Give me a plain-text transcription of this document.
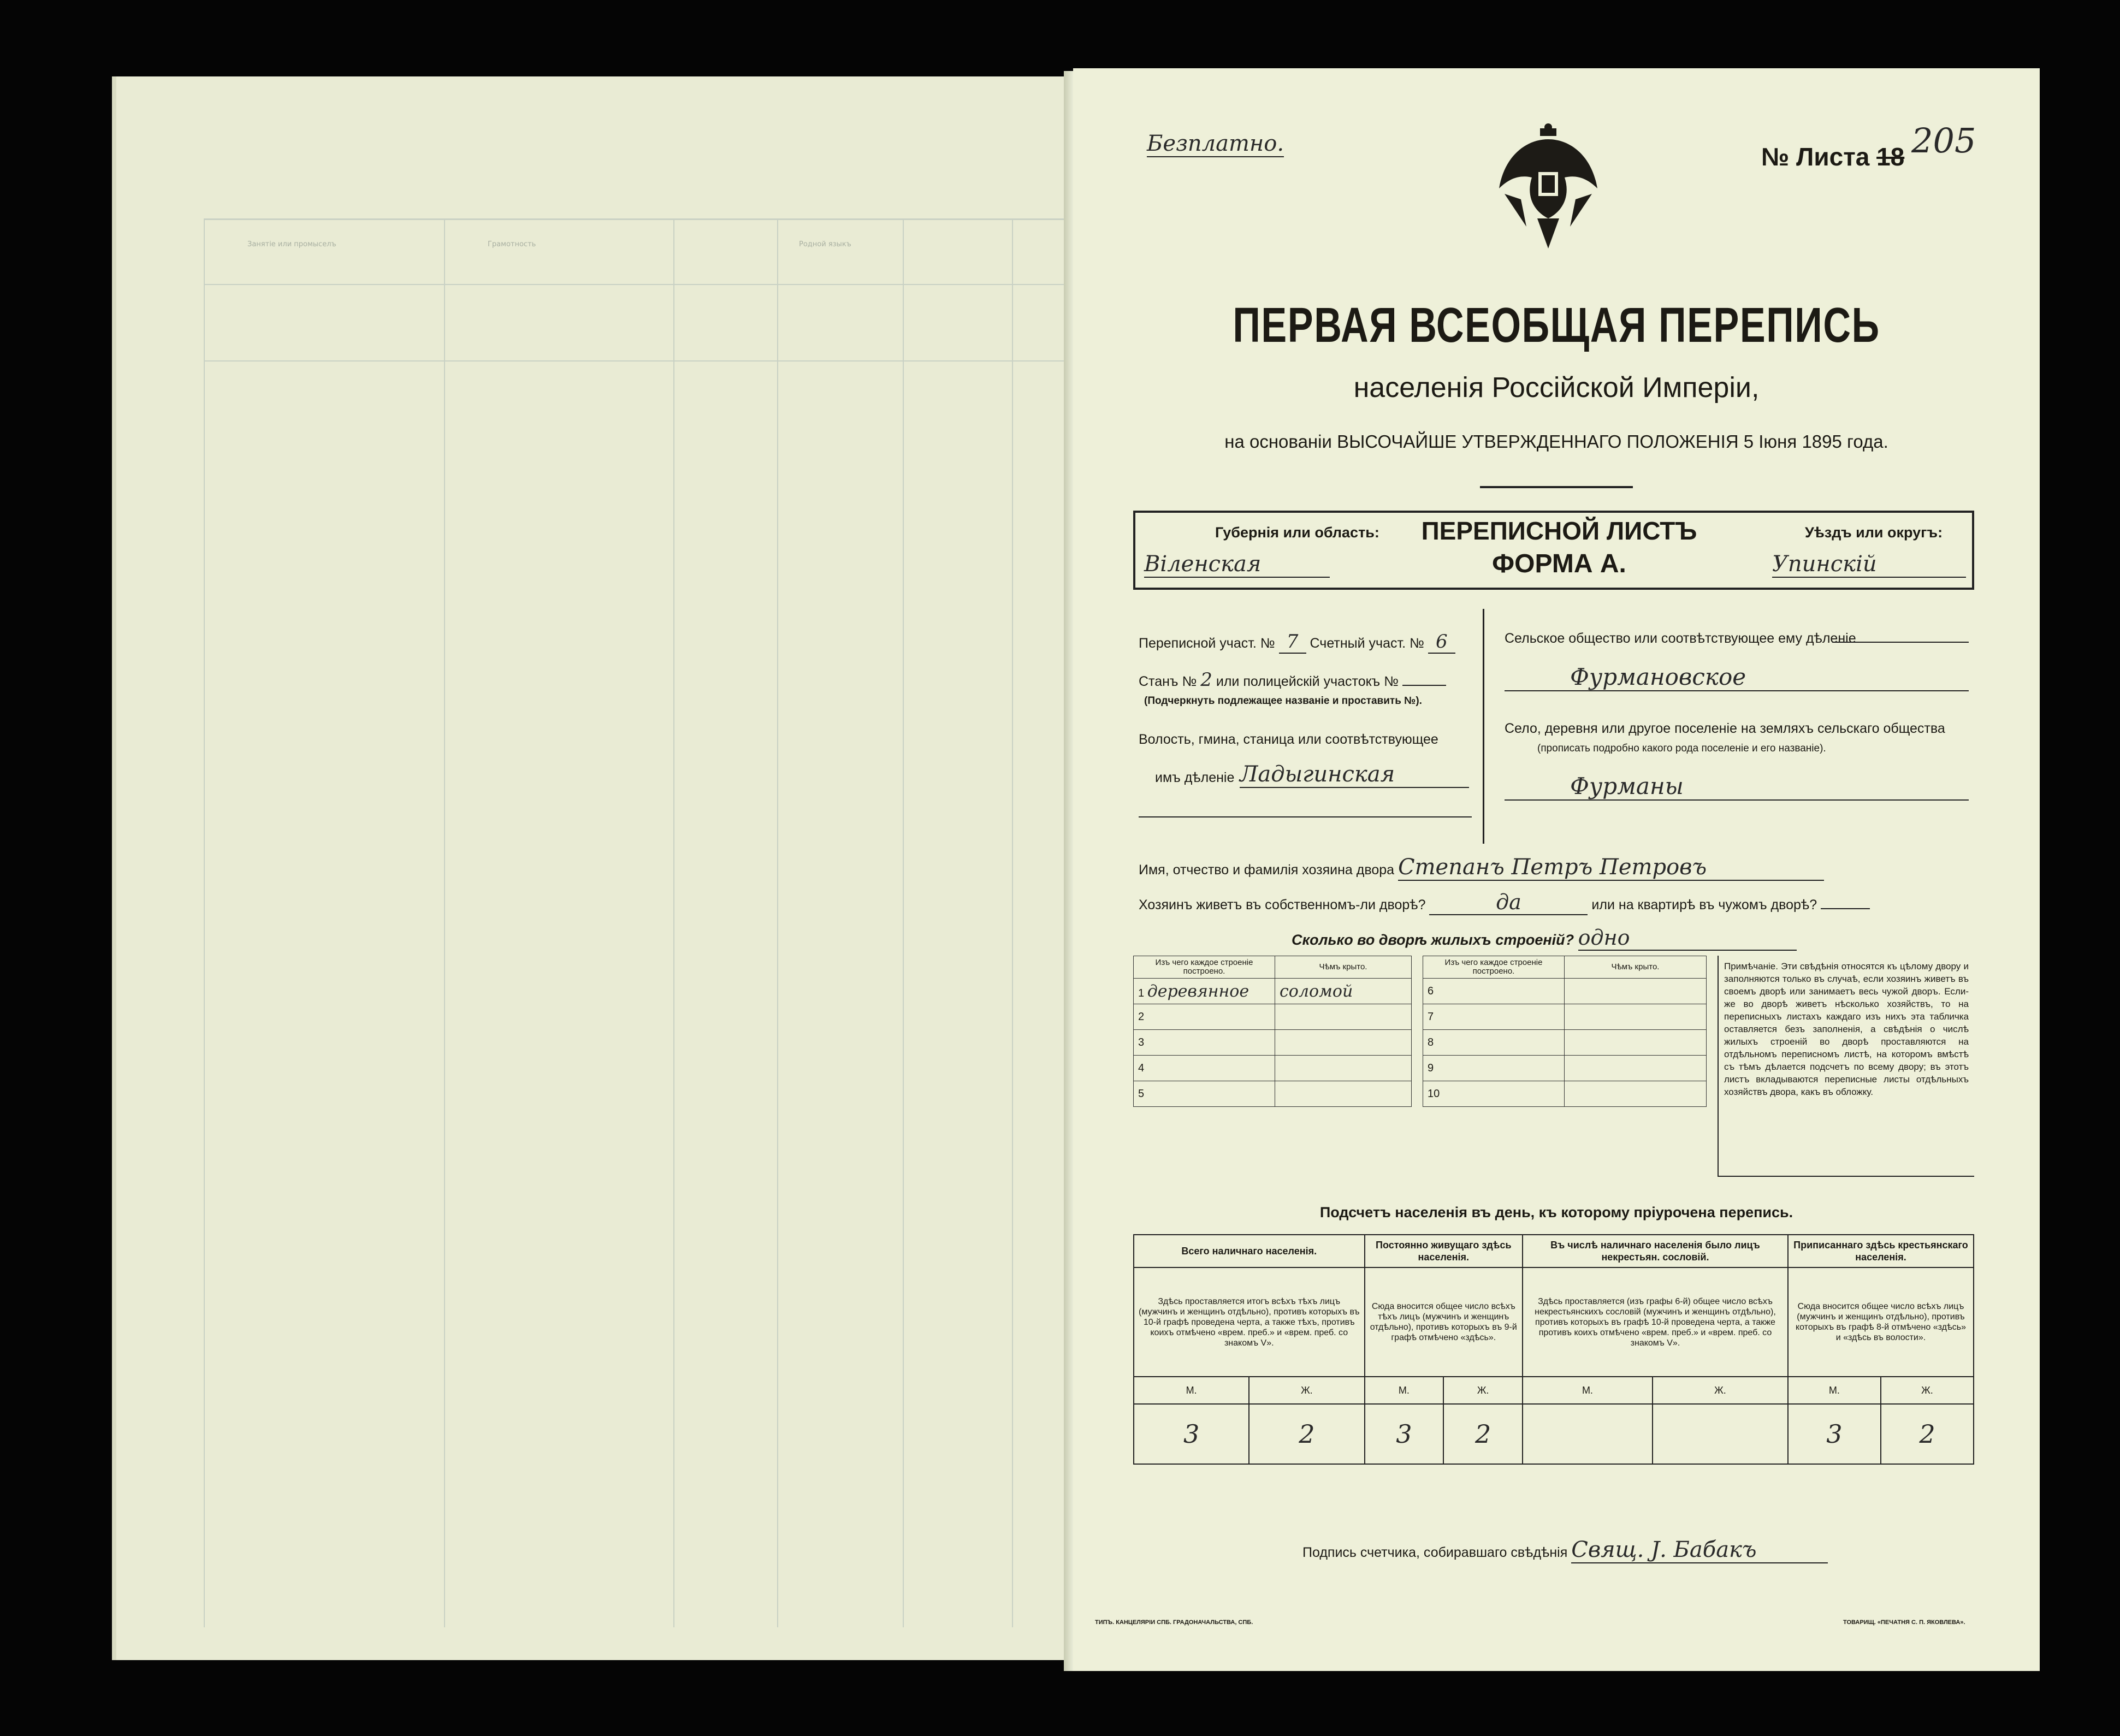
Занятіе или промыселъ	Грамотность	Родной языкъ
Безплатно.	№ Листа 18 205
ПЕРВАЯ ВСЕОБЩАЯ ПЕРЕПИСЬ
населенія Россійской Имперіи,
на основаніи ВЫСОЧАЙШЕ УТВЕРЖДЕННАГО ПОЛОЖЕНІЯ 5 Іюня 1895 года.
Губернія или область:
Віленская
ПЕРЕПИСНОЙ ЛИСТЪ
ФОРМА А.
Уѣздъ или округъ:
Упинскій
Переписной участ. № 7 Счетный участ. № 6
Станъ № 2 или полицейскій участокъ №
(Подчеркнуть подлежащее названіе и проставить №).
Волость, гмина, станица или соотвѣтствующее
имъ дѣленіе Ладыгинская
Сельское общество или соотвѣтствующее ему дѣленіе
Фурмановское
Село, деревня или другое поселеніе на земляхъ сельскаго общества
(прописать подробно какого рода поселеніе и его названіе).
Фурманы
Имя, отчество и фамилія хозяина двора Степанъ Петръ Петровъ
Хозяинъ живетъ въ собственномъ-ли дворѣ?	да	или на квартирѣ въ чужомъ дворѣ?
Сколько во дворѣ жилыхъ строеній? одно
Изъ чего каждое строеніе построено.	Чѣмъ крыто.
1 деревянное	соломой
2	
3	
4	
5	
Изъ чего каждое строеніе построено.	Чѣмъ крыто.
6	
7	
8	
9	
10	
Примѣчаніе. Эти свѣдѣнія относятся къ цѣлому двору и заполняются только въ случаѣ, если хозяинъ живетъ въ своемъ дворѣ или занимаетъ весь чужой дворъ. Если-же во дворѣ живетъ нѣсколько хозяйствъ, то на переписныхъ листахъ каждаго изъ нихъ эта табличка оставляется безъ заполненія, а свѣдѣнія о числѣ жилыхъ строеній во дворѣ проставляются на отдѣльномъ переписномъ листѣ, на которомъ вмѣстѣ съ тѣмъ дѣлается подсчетъ по всему двору; въ этотъ листъ вкладываются переписные листы отдѣльныхъ хозяйствъ двора, какъ въ обложку.
Подсчетъ населенія въ день, къ которому пріурочена перепись.
Всего наличнаго населенія.		Постоянно живущаго здѣсь населенія.		Въ числѣ наличнаго населенія было лицъ некрестьян. сословій.		Приписаннаго здѣсь крестьянскаго населенія.	
Здѣсь проставляется итогъ всѣхъ тѣхъ лицъ (мужчинъ и женщинъ отдѣльно), противъ которыхъ въ 10-й графѣ проведена черта, а также тѣхъ, противъ коихъ отмѣчено «врем. преб.» и «врем. преб. со знакомъ V».		Сюда вносится общее число всѣхъ тѣхъ лицъ (мужчинъ и женщинъ отдѣльно), противъ которыхъ въ 9-й графѣ отмѣчено «здѣсь».		Здѣсь проставляется (изъ графы 6-й) общее число всѣхъ некрестьянскихъ сословій (мужчинъ и женщинъ отдѣльно), противъ которыхъ въ графѣ 10-й проведена черта, а также противъ коихъ отмѣчено «врем. преб.» и «врем. преб. со знакомъ V».		Сюда вносится общее число всѣхъ лицъ (мужчинъ и женщинъ отдѣльно), противъ которыхъ въ графѣ 8-й отмѣчено «здѣсь» и «здѣсь въ волости».	
М.	Ж.	М.	Ж.	М.	Ж.	М.	Ж.
3	2	3	2			3	2
Подпись счетчика, собиравшаго свѣдѣнія Свящ. Ј. Бабакъ
ТИПЪ. КАНЦЕЛЯРІИ СПБ. ГРАДОНАЧАЛЬСТВА, СПБ.	ТОВАРИЩ. «ПЕЧАТНЯ С. П. ЯКОВЛЕВА».
